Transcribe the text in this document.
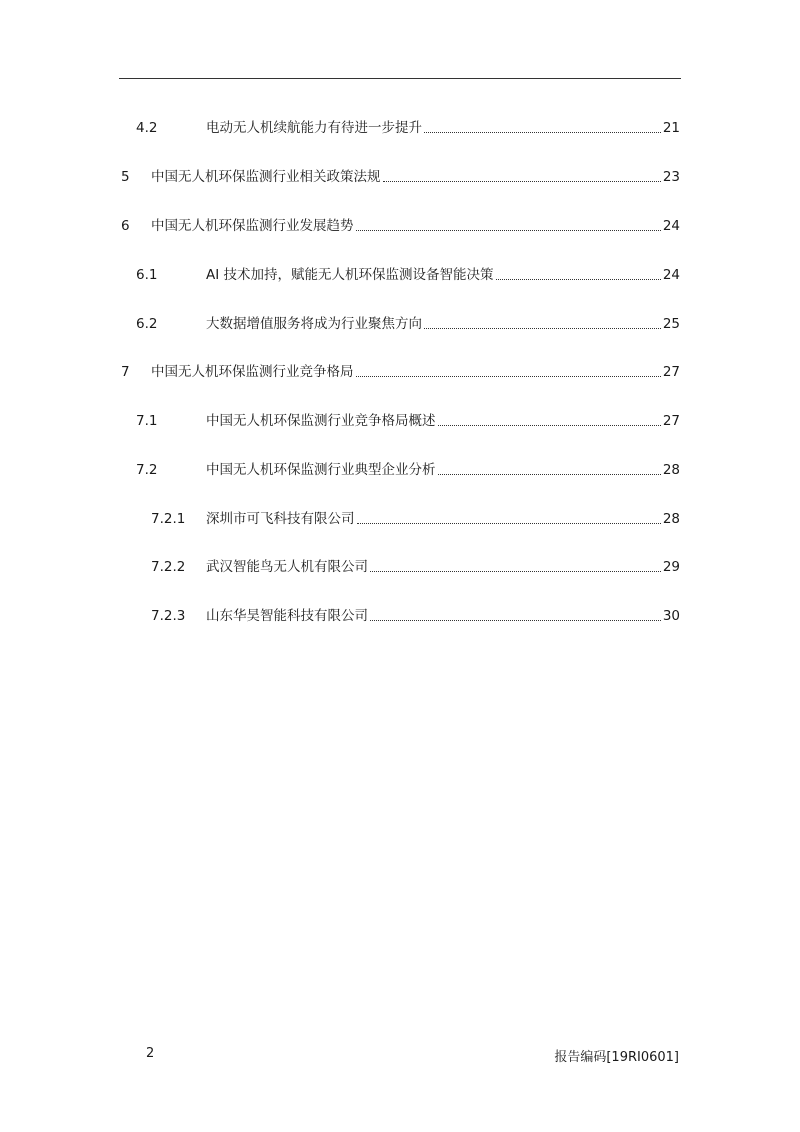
4.2	电动无人机续航能力有待进一步提升	21
5	中国无人机环保监测行业相关政策法规	23
6	中国无人机环保监测行业发展趋势	24
6.1	AI 技术加持，赋能无人机环保监测设备智能决策	24
6.2	大数据增值服务将成为行业聚焦方向	25
7	中国无人机环保监测行业竞争格局	27
7.1	中国无人机环保监测行业竞争格局概述	27
7.2	中国无人机环保监测行业典型企业分析	28
7.2.1	深圳市可飞科技有限公司	28
7.2.2	武汉智能鸟无人机有限公司	29
7.2.3	山东华昊智能科技有限公司	30
2	报告编码[19RI0601]
